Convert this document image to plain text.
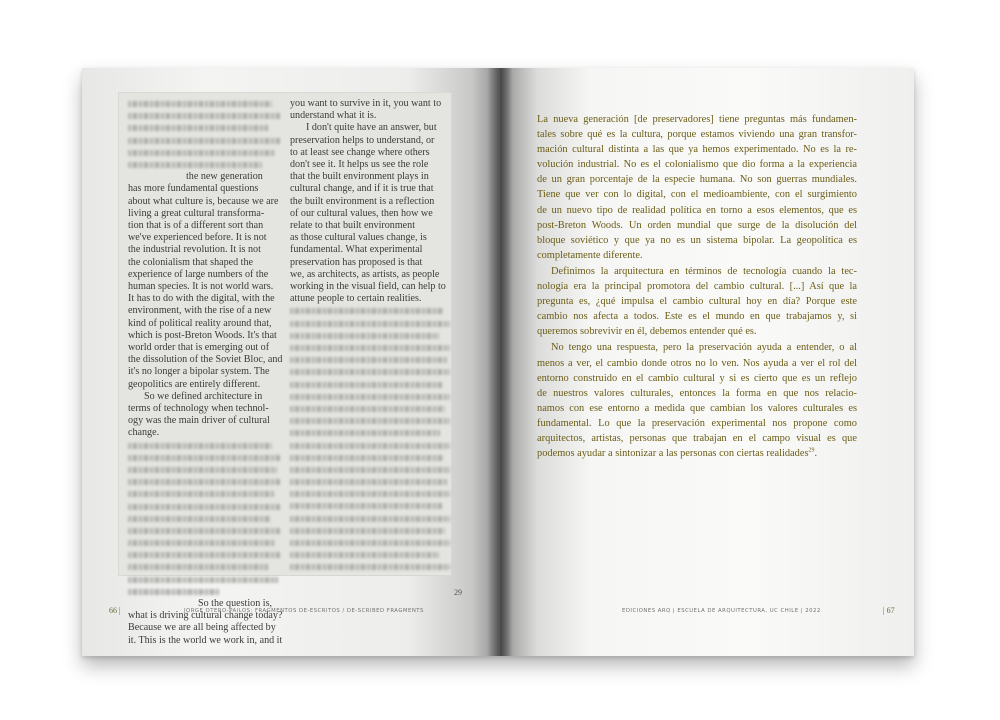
the new generation
has more fundamental questions
about what culture is, because we are
living a great cultural transforma-
tion that is of a different sort than
we've experienced before. It is not
the industrial revolution. It is not
the colonialism that shaped the
experience of large numbers of the
human species. It is not world wars.
It has to do with the digital, with the
environment, with the rise of a new
kind of political reality around that,
which is post-Breton Woods. It's that
world order that is emerging out of
the dissolution of the Soviet Bloc, and
it's no longer a bipolar system. The
geopolitics are entirely different.
So we defined architecture in
terms of technology when technol-
ogy was the main driver of cultural
change.
So the question is,
what is driving cultural change today?
Because we are all being affected by
it. This is the world we work in, and it
you want to survive in it, you want to
understand what it is.
I don't quite have an answer, but
preservation helps to understand, or
to at least see change where others
don't see it. It helps us see the role
that the built environment plays in
cultural change, and if it is true that
the built environment is a reflection
of our cultural values, then how we
relate to that built environment
as those cultural values change, is
fundamental. What experimental
preservation has proposed is that
we, as architects, as artists, as people
working in the visual field, can help to
attune people to certain realities.
29
66 |	JORGE OTERO-PAILOS: FRAGMENTOS DE-ESCRITOS / DE-SCRIBED FRAGMENTS

La nueva generación [de preservadores] tiene preguntas más fundamen-
tales sobre qué es la cultura, porque estamos viviendo una gran transfor-
mación cultural distinta a las que ya hemos experimentado. No es la re-
volución industrial. No es el colonialismo que dio forma a la experiencia
de un gran porcentaje de la especie humana. No son guerras mundiales.
Tiene que ver con lo digital, con el medioambiente, con el surgimiento
de un nuevo tipo de realidad política en torno a esos elementos, que es
post-Breton Woods. Un orden mundial que surge de la disolución del
bloque soviético y que ya no es un sistema bipolar. La geopolítica es
completamente diferente.

Definimos la arquitectura en términos de tecnología cuando la tec-
nología era la principal promotora del cambio cultural. [...] Así que la
pregunta es, ¿qué impulsa el cambio cultural hoy en día? Porque este
cambio nos afecta a todos. Este es el mundo en que trabajamos y, si
queremos sobrevivir en él, debemos entender qué es.

No tengo una respuesta, pero la preservación ayuda a entender, o al
menos a ver, el cambio donde otros no lo ven. Nos ayuda a ver el rol del
entorno construido en el cambio cultural y si es cierto que es un reflejo
de nuestros valores culturales, entonces la forma en que nos relacio-
namos con ese entorno a medida que cambian los valores culturales es
fundamental. Lo que la preservación experimental nos propone como
arquitectos, artistas, personas que trabajan en el campo visual es que
podemos ayudar a sintonizar a las personas con ciertas realidades$^{29}$.

EDICIONES ARQ | ESCUELA DE ARQUITECTURA, UC CHILE | 2022	| 67
